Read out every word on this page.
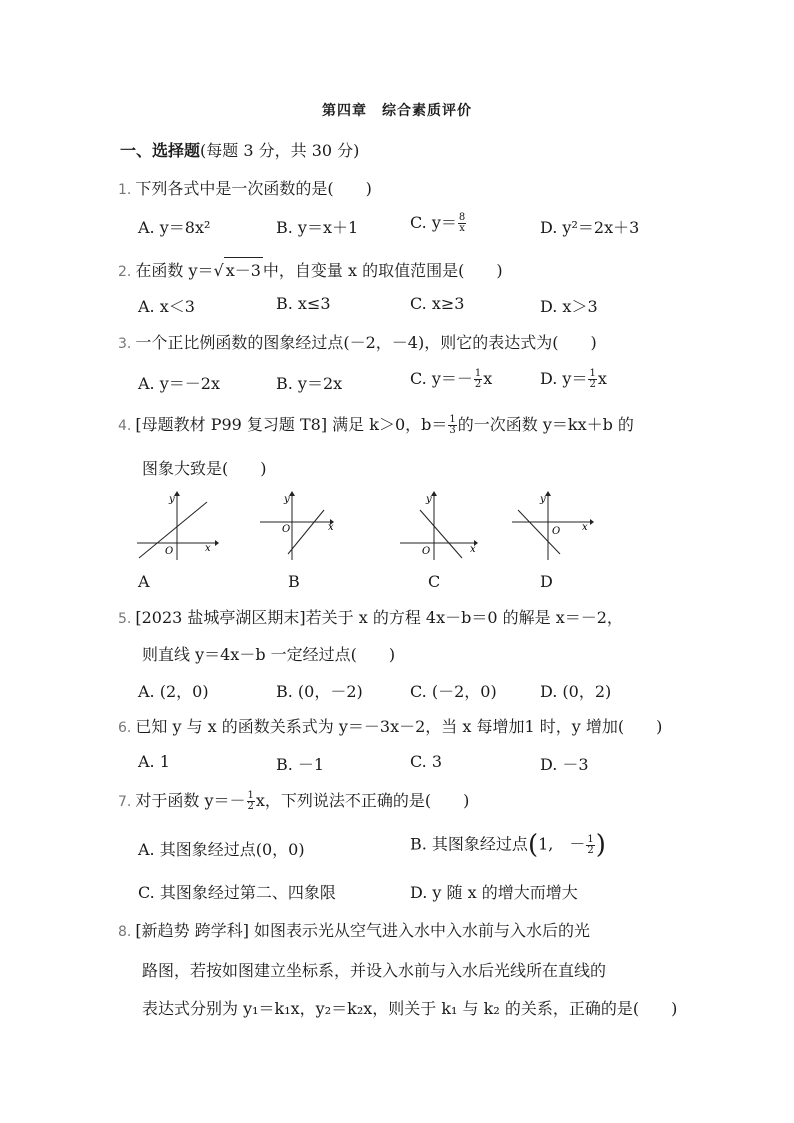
第四章　综合素质评价
一、选择题(每题 3 分，共 30 分)
1. 下列各式中是一次函数的是(　　)
A. y＝8x²	B. y＝x＋1	C. $y= \frac{8}{x}$	D. y²＝2x＋3
2. 在函数 y＝√ x－3 中，自变量 x 的取值范围是(　　)
A. x＜3	B. x≤3	C. x≥3	D. x＞3
3. 一个正比例函数的图象经过点(－2，－4)，则它的表达式为(　　)
A. y＝－2x	B. y＝2x	C. $y=- \frac{1}{2}$ x	D. $y= \frac{1}{2}$ x
4. [母题教材 P99 复习题 T8] 满足 k＞0，$b= \frac{1}{3}$ 的一次函数 y＝kx＋b 的
图象大致是(　　)
y
x
O
y
x
O
y
x
O
y
x
O
A	B	C	D
5. [2023 盐城亭湖区期末]若关于 x 的方程 4x－b＝0 的解是 x＝－2，
则直线 y＝4x－b 一定经过点(　　)
A. (2，0)	B. (0，－2)	C. (－2，0)	D. (0，2)
6. 已知 y 与 x 的函数关系式为 y＝－3x－2，当 x 每增加1 时，y 增加(　　)
A. 1	B. －1	C. 3	D. －3
7. 对于函数 $y=- \frac{1}{2}$ x，下列说法不正确的是(　　)
A. 其图象经过点(0，0)	B. 其图象经过点(1,　－ $\frac{1}{2}$ )
C. 其图象经过第二、四象限	D. y 随 x 的增大而增大
8. [新趋势 跨学科] 如图表示光从空气进入水中入水前与入水后的光
路图，若按如图建立坐标系，并设入水前与入水后光线所在直线的
表达式分别为 y₁＝k₁x，y₂＝k₂x，则关于 k₁ 与 k₂ 的关系，正确的是(　　)
